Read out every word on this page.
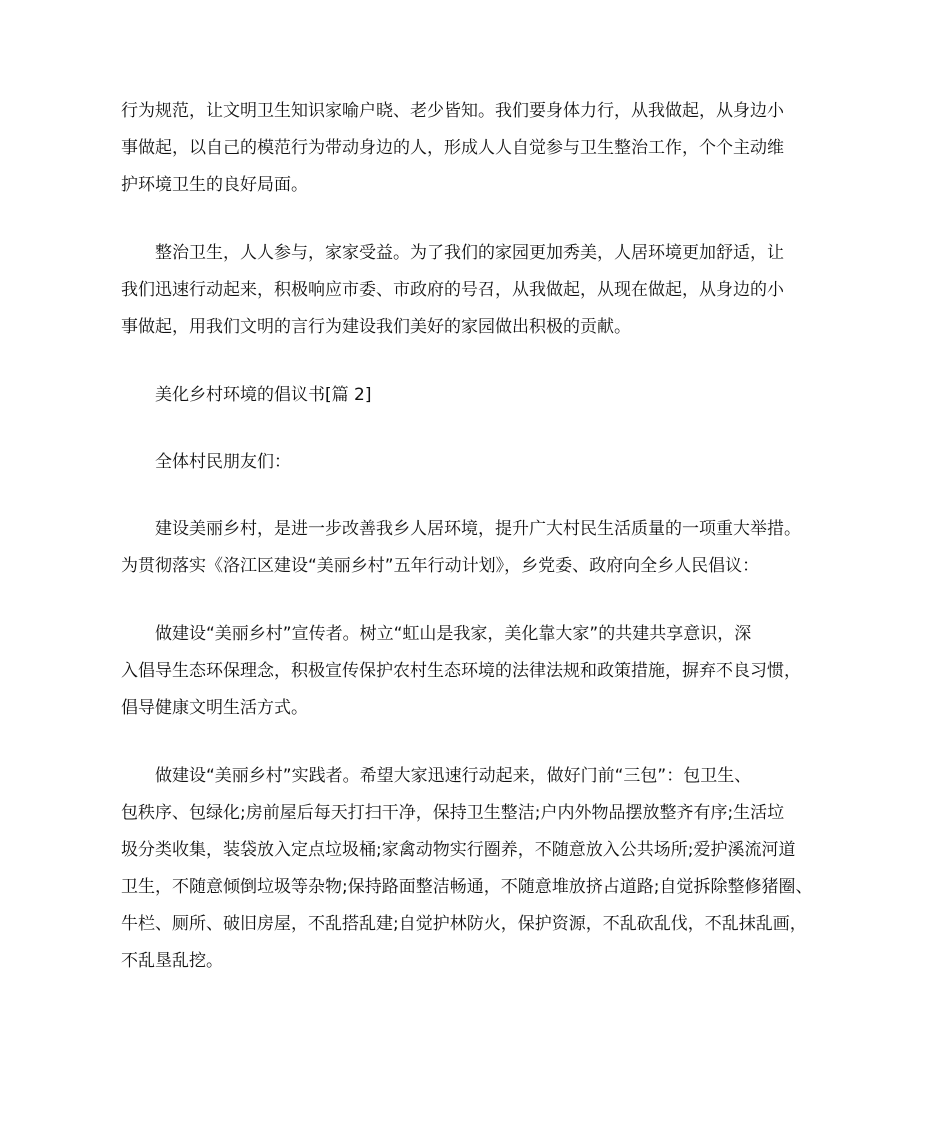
行为规范，让文明卫生知识家喻户晓、老少皆知。我们要身体力行，从我做起，从身边小
事做起，以自己的模范行为带动身边的人，形成人人自觉参与卫生整治工作，个个主动维
护环境卫生的良好局面。

　　整治卫生，人人参与，家家受益。为了我们的家园更加秀美，人居环境更加舒适，让
我们迅速行动起来，积极响应市委、市政府的号召，从我做起，从现在做起，从身边的小
事做起，用我们文明的言行为建设我们美好的家园做出积极的贡献。

　　美化乡村环境的倡议书[篇 2]

　　全体村民朋友们：

　　建设美丽乡村，是进一步改善我乡人居环境，提升广大村民生活质量的一项重大举措。
为贯彻落实《洛江区建设“美丽乡村”五年行动计划》，乡党委、政府向全乡人民倡议：

　　做建设“美丽乡村”宣传者。树立“虹山是我家，美化靠大家”的共建共享意识，深
入倡导生态环保理念，积极宣传保护农村生态环境的法律法规和政策措施，摒弃不良习惯，
倡导健康文明生活方式。

　　做建设“美丽乡村”实践者。希望大家迅速行动起来，做好门前“三包”：包卫生、
包秩序、包绿化;房前屋后每天打扫干净，保持卫生整洁;户内外物品摆放整齐有序;生活垃
圾分类收集，装袋放入定点垃圾桶;家禽动物实行圈养，不随意放入公共场所;爱护溪流河道
卫生，不随意倾倒垃圾等杂物;保持路面整洁畅通，不随意堆放挤占道路;自觉拆除整修猪圈、
牛栏、厕所、破旧房屋，不乱搭乱建;自觉护林防火，保护资源，不乱砍乱伐，不乱抹乱画，
不乱垦乱挖。
